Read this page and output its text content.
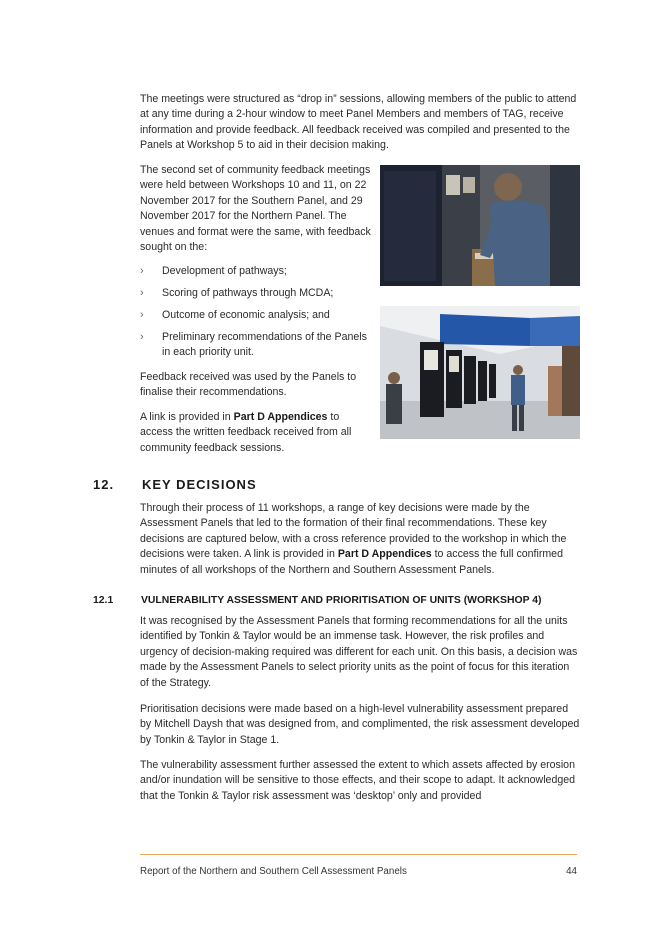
The meetings were structured as “drop in” sessions, allowing members of the public to attend at any time during a 2-hour window to meet Panel Members and members of TAG, receive information and provide feedback. All feedback received was compiled and presented to the Panels at Workshop 5 to aid in their decision making.

The second set of community feedback meetings were held between Workshops 10 and 11, on 22 November 2017 for the Southern Panel, and 29 November 2017 for the Northern Panel. The venues and format were the same, with feedback sought on the:

› Development of pathways;
› Scoring of pathways through MCDA;
› Outcome of economic analysis; and
› Preliminary recommendations of the Panels in each priority unit.

Feedback received was used by the Panels to finalise their recommendations.

A link is provided in Part D Appendices to access the written feedback received from all community feedback sessions.

12. KEY DECISIONS

Through their process of 11 workshops, a range of key decisions were made by the Assessment Panels that led to the formation of their final recommendations. These key decisions are captured below, with a cross reference provided to the workshop in which the decisions were taken. A link is provided in Part D Appendices to access the full confirmed minutes of all workshops of the Northern and Southern Assessment Panels.

12.1	VULNERABILITY ASSESSMENT AND PRIORITISATION OF UNITS (WORKSHOP 4)

It was recognised by the Assessment Panels that forming recommendations for all the units identified by Tonkin & Taylor would be an immense task. However, the risk profiles and urgency of decision-making required was different for each unit. On this basis, a decision was made by the Assessment Panels to select priority units as the point of focus for this iteration of the Strategy.

Prioritisation decisions were made based on a high-level vulnerability assessment prepared by Mitchell Daysh that was designed from, and complimented, the risk assessment developed by Tonkin & Taylor in Stage 1.

The vulnerability assessment further assessed the extent to which assets affected by erosion and/or inundation will be sensitive to those effects, and their scope to adapt. It acknowledged that the Tonkin & Taylor risk assessment was ‘desktop’ only and provided

Report of the Northern and Southern Cell Assessment Panels	44
